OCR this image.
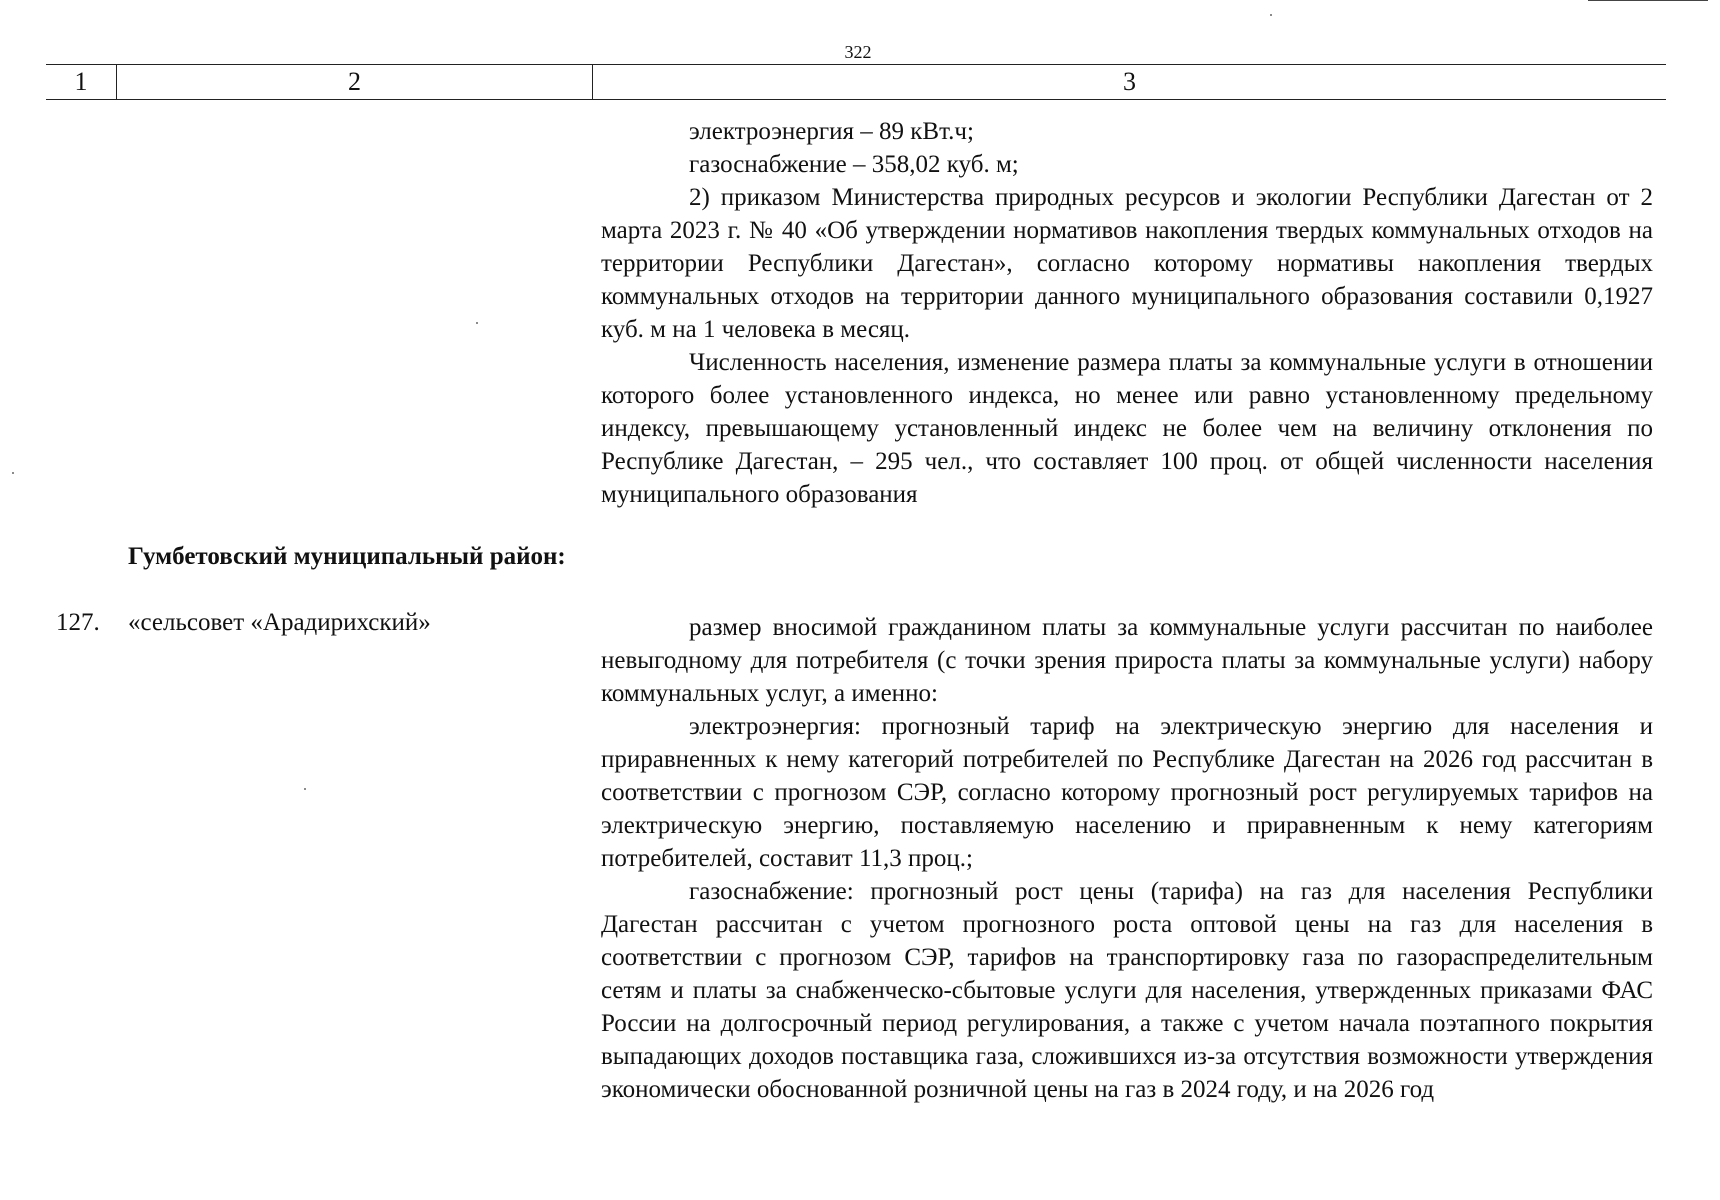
322
1	2	3

электроэнергия – 89 кВт.ч;

газоснабжение – 358,02 куб. м;

2) приказом Министерства природных ресурсов и экологии Республики Дагестан от 2 марта 2023 г. № 40 «Об утверждении нормативов накопления твердых коммунальных отходов на территории Республики Дагестан», согласно которому нормативы накопления твердых коммунальных отходов на территории данного муниципального образования составили 0,1927 куб. м на 1 человека в месяц.

Численность населения, изменение размера платы за коммунальные услуги в отношении которого более установленного индекса, но менее или равно установленному предельному индексу, превышающему установленный индекс не более чем на величину отклонения по Республике Дагестан, – 295 чел., что составляет 100 проц. от общей численности населения муниципального образования

Гумбетовский муниципальный район:
127.	«сельсовет «Арадирихский»	размер вносимой гражданином платы за коммунальные услуги рассчитан по наиболее невыгодному для потребителя (с точки зрения прироста платы за коммунальные услуги) набору коммунальных услуг, а именно:

электроэнергия: прогнозный тариф на электрическую энергию для населения и приравненных к нему категорий потребителей по Республике Дагестан на 2026 год рассчитан в соответствии с прогнозом СЭР, согласно которому прогнозный рост регулируемых тарифов на электрическую энергию, поставляемую населению и приравненным к нему категориям потребителей, составит 11,3 проц.;

газоснабжение: прогнозный рост цены (тарифа) на газ для населения Республики Дагестан рассчитан с учетом прогнозного роста оптовой цены на газ для населения в соответствии с прогнозом СЭР, тарифов на транспортировку газа по газораспределительным сетям и платы за снабженческо-сбытовые услуги для населения, утвержденных приказами ФАС России на долгосрочный период регулирования, а также с учетом начала поэтапного покрытия выпадающих доходов поставщика газа, сложившихся из-за отсутствия возможности утверждения экономически обоснованной розничной цены на газ в 2024 году, и на 2026 год
